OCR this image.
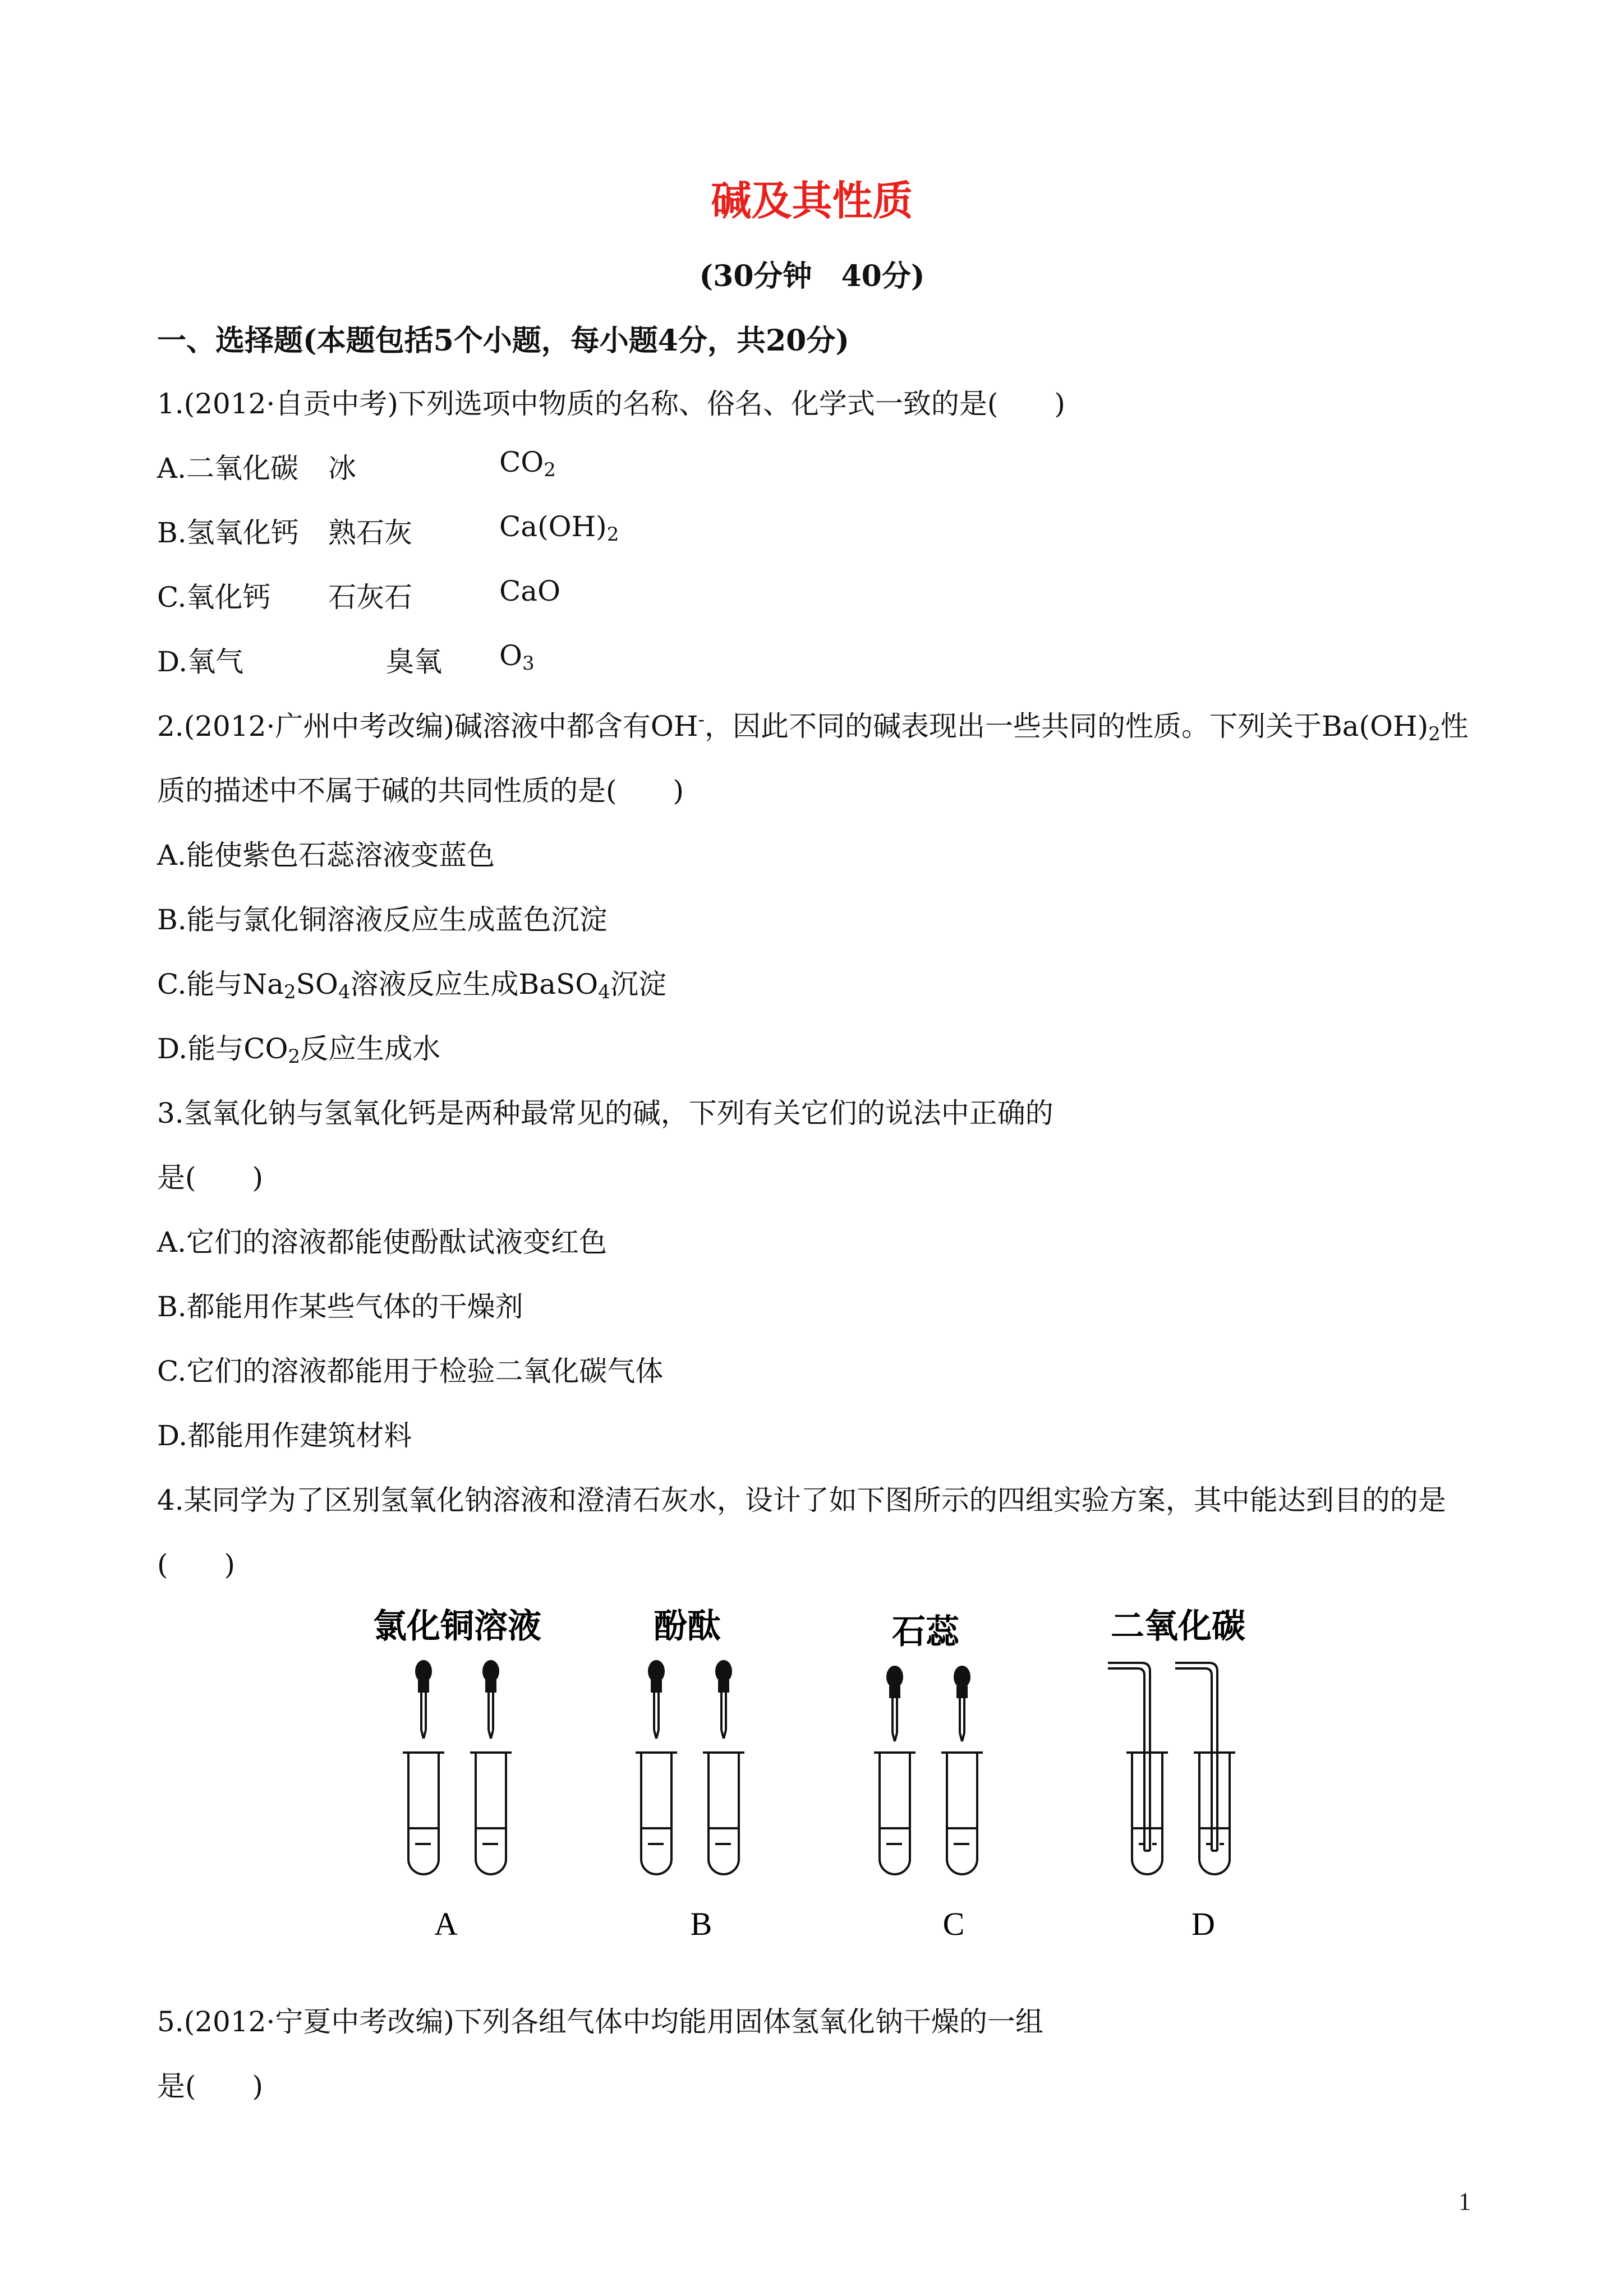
碱及其性质
(30分钟　40分)
一、选择题(本题包括5个小题，每小题4分，共20分)
1.(2012·自贡中考)下列选项中物质的名称、俗名、化学式一致的是(　　)
A.二氧化碳 冰	$CO_2$
B.氢氧化钙 熟石灰	$Ca(OH)_2$
C.氧化钙 石灰石	CaO
D.氧气	臭氧 $O_3$
2.(2012·广州中考改编)碱溶液中都含有OH-，因此不同的碱表现出一些共同的性质。下列关于$Ba(OH)_2$性
质的描述中不属于碱的共同性质的是(　　)
A.能使紫色石蕊溶液变蓝色
B.能与氯化铜溶液反应生成蓝色沉淀
C.能与$Na_2SO_4$溶液反应生成BaSO$_4$沉淀
D.能与$CO_2$反应生成水
3.氢氧化钠与氢氧化钙是两种最常见的碱，下列有关它们的说法中正确的
是(　　)
A.它们的溶液都能使酚酞试液变红色
B.都能用作某些气体的干燥剂
C.它们的溶液都能用于检验二氧化碳气体
D.都能用作建筑材料
4.某同学为了区别氢氧化钠溶液和澄清石灰水，设计了如下图所示的四组实验方案，其中能达到目的的是
(　　)
氯化铜溶液	酚酞	石蕊	二氧化碳
A	B	C	D
5.(2012·宁夏中考改编)下列各组气体中均能用固体氢氧化钠干燥的一组
是(　　)
1
